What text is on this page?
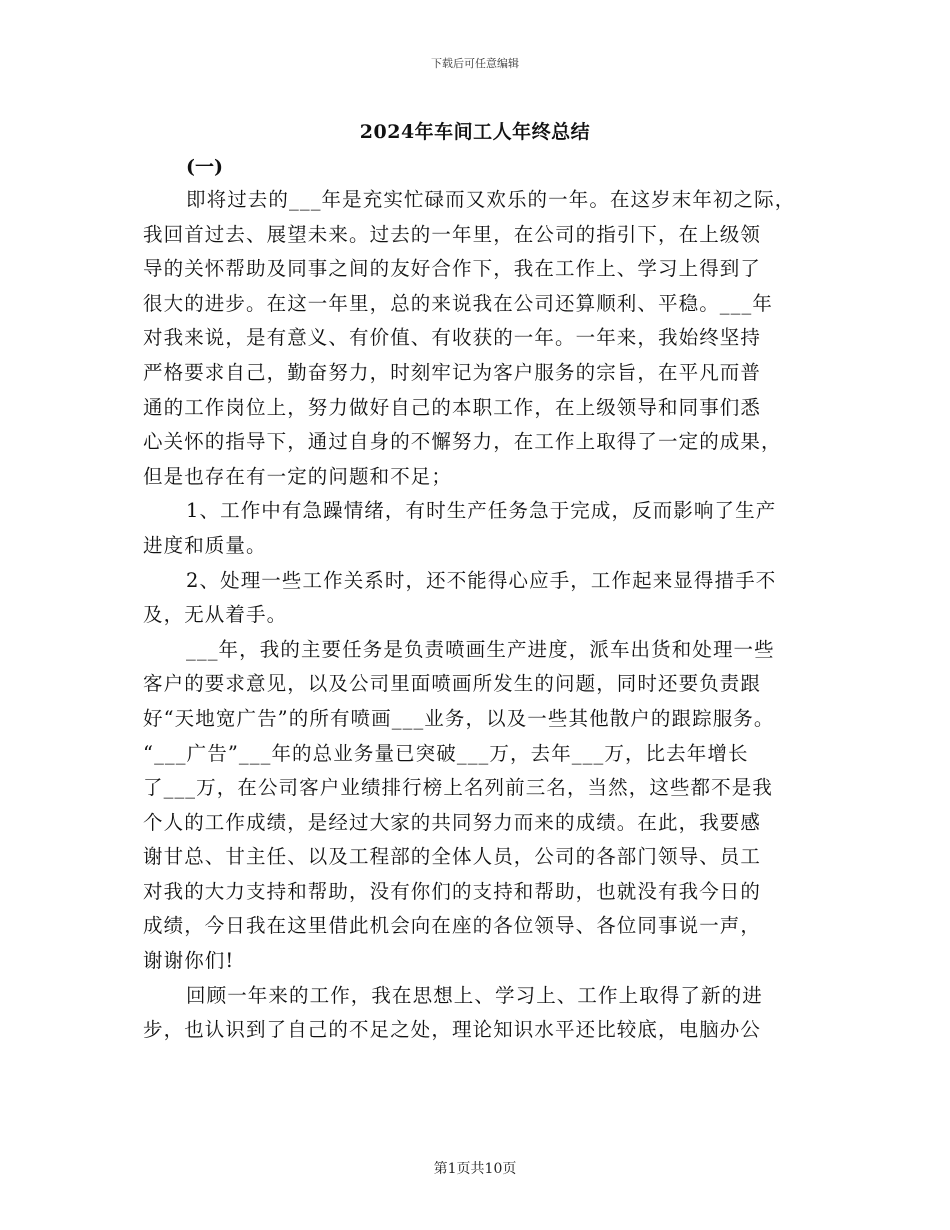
下载后可任意编辑
2024年车间工人年终总结
(一)
即将过去的___年是充实忙碌而又欢乐的一年。在这岁末年初之际，
我回首过去、展望未来。过去的一年里，在公司的指引下，在上级领
导的关怀帮助及同事之间的友好合作下，我在工作上、学习上得到了
很大的进步。在这一年里，总的来说我在公司还算顺利、平稳。___年
对我来说，是有意义、有价值、有收获的一年。一年来，我始终坚持
严格要求自己，勤奋努力，时刻牢记为客户服务的宗旨，在平凡而普
通的工作岗位上，努力做好自己的本职工作，在上级领导和同事们悉
心关怀的指导下，通过自身的不懈努力，在工作上取得了一定的成果，
但是也存在有一定的问题和不足；
1、工作中有急躁情绪，有时生产任务急于完成，反而影响了生产
进度和质量。
2、处理一些工作关系时，还不能得心应手，工作起来显得措手不
及，无从着手。
___年，我的主要任务是负责喷画生产进度，派车出货和处理一些
客户的要求意见，以及公司里面喷画所发生的问题，同时还要负责跟
好“天地宽广告”的所有喷画___业务，以及一些其他散户的跟踪服务。
“___广告”___年的总业务量已突破___万，去年___万，比去年增长
了___万，在公司客户业绩排行榜上名列前三名，当然，这些都不是我
个人的工作成绩，是经过大家的共同努力而来的成绩。在此，我要感
谢甘总、甘主任、以及工程部的全体人员，公司的各部门领导、员工
对我的大力支持和帮助，没有你们的支持和帮助，也就没有我今日的
成绩，今日我在这里借此机会向在座的各位领导、各位同事说一声，
谢谢你们!
回顾一年来的工作，我在思想上、学习上、工作上取得了新的进
步，也认识到了自己的不足之处，理论知识水平还比较底，电脑办公
第1页共10页
